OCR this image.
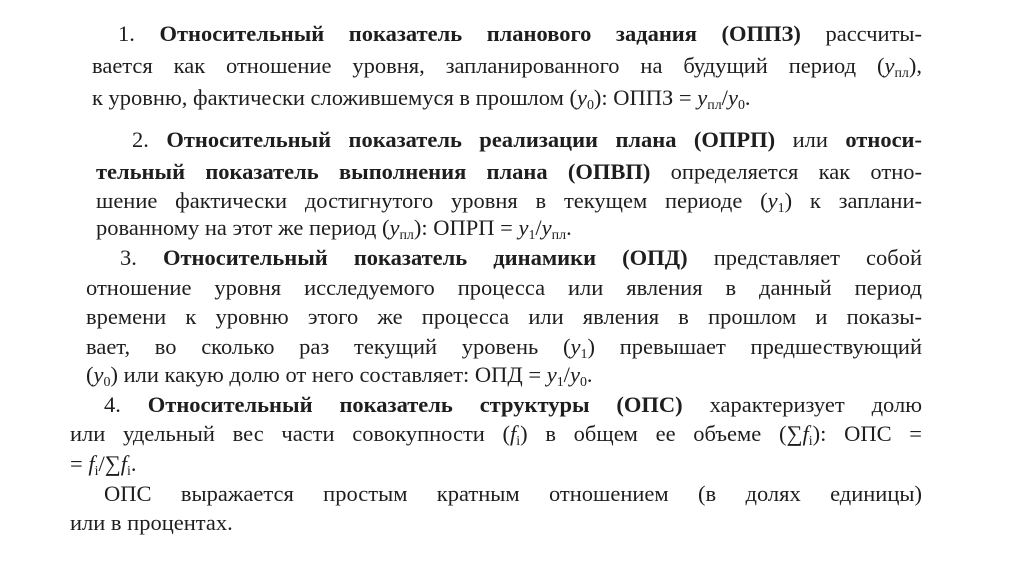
1. Относительный показатель планового задания (ОППЗ) рассчиты-

вается как отношение уровня, запланированного на будущий период $(y_{пл})$,

к уровню, фактически сложившемуся в прошлом $(y_0)$: ОППЗ = $y_{пл}/y_0$.

2. Относительный показатель реализации плана (ОПРП) или относи-

тельный показатель выполнения плана (ОПВП) определяется как отно-

шение фактически достигнутого уровня в текущем периоде $(y_1)$ к заплани-

рованному на этот же период $(y_{пл})$: ОПРП = $y_1/y_{пл}$.

3. Относительный показатель динамики (ОПД) представляет собой

отношение уровня исследуемого процесса или явления в данный период

времени к уровню этого же процесса или явления в прошлом и показы-

вает, во сколько раз текущий уровень $(y_1)$ превышает предшествующий

$(y_0)$ или какую долю от него составляет: ОПД = $y_1/y_0$.

4. Относительный показатель структуры (ОПС) характеризует долю

или удельный вес части совокупности $(f_i)$ в общем ее объеме $(\sum f_i)$: ОПС =

= $f_i/\sum f_i$.

ОПС выражается простым кратным отношением (в долях единицы)

или в процентах.
